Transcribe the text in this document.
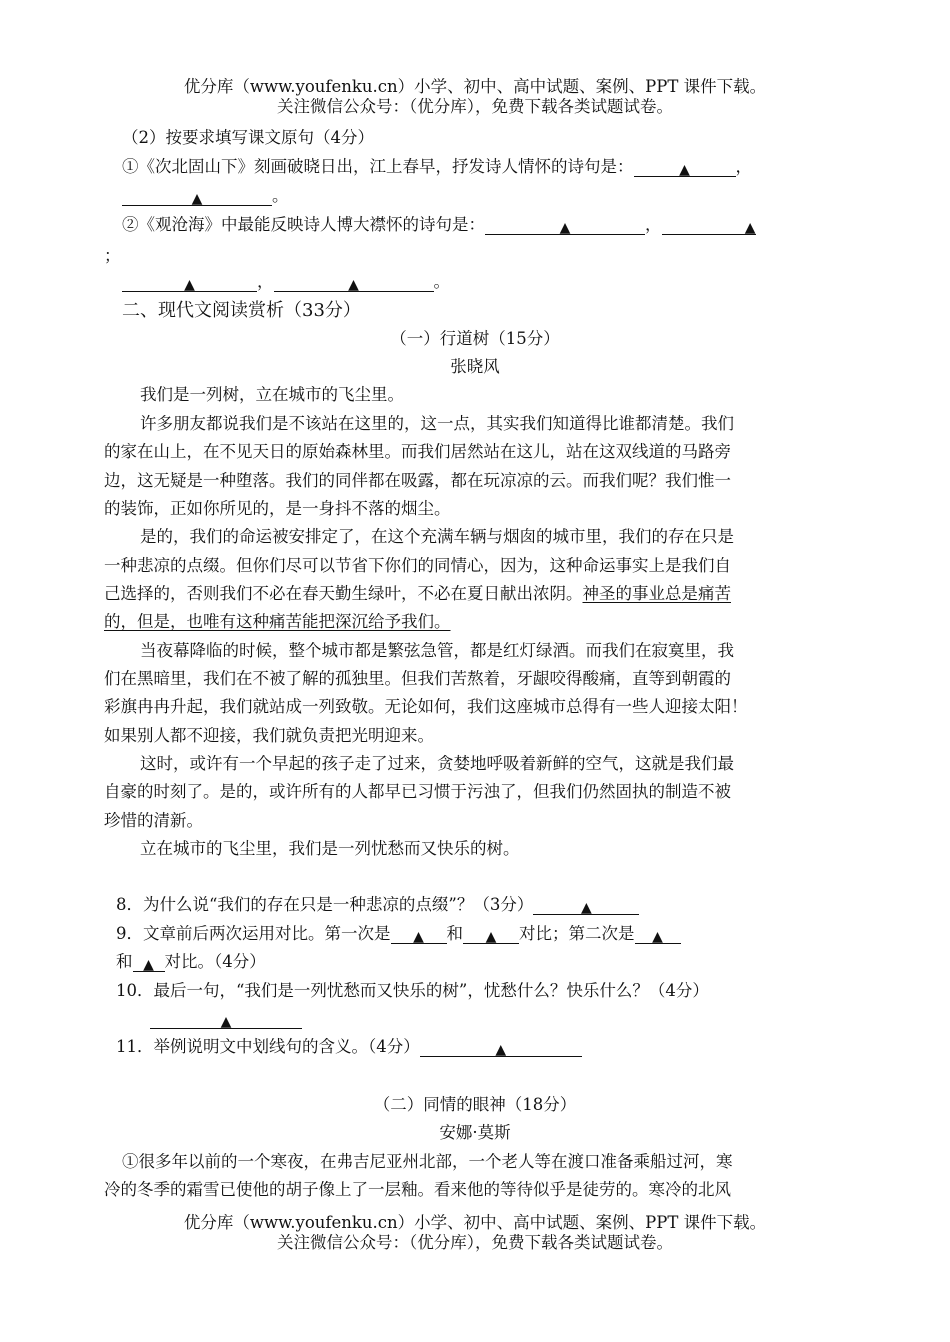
优分库（www.youfenku.cn）小学、初中、高中试题、案例、PPT 课件下载。
关注微信公众号：（优分库），免费下载各类试题试卷。
（2）按要求填写课文原句（4分）
①《次北固山下》刻画破晓日出，江上春早，抒发诗人情怀的诗句是：	▲	，
▲	。
②《观沧海》中最能反映诗人博大襟怀的诗句是：	▲	，	▲
；
▲	，	▲	。
二、现代文阅读赏析（33分）
（一）行道树（15分）
张晓风
我们是一列树，立在城市的飞尘里。
许多朋友都说我们是不该站在这里的，这一点，其实我们知道得比谁都清楚。我们
的家在山上，在不见天日的原始森林里。而我们居然站在这儿，站在这双线道的马路旁
边，这无疑是一种堕落。我们的同伴都在吸露，都在玩凉凉的云。而我们呢？我们惟一
的装饰，正如你所见的，是一身抖不落的烟尘。
是的，我们的命运被安排定了，在这个充满车辆与烟囱的城市里，我们的存在只是
一种悲凉的点缀。但你们尽可以节省下你们的同情心，因为，这种命运事实上是我们自
己选择的，否则我们不必在春天勤生绿叶，不必在夏日献出浓阴。神圣的事业总是痛苦
的，但是，也唯有这种痛苦能把深沉给予我们。
当夜幕降临的时候，整个城市都是繁弦急管，都是红灯绿酒。而我们在寂寞里，我
们在黑暗里，我们在不被了解的孤独里。但我们苦熬着，牙龈咬得酸痛，直等到朝霞的
彩旗冉冉升起，我们就站成一列致敬。无论如何，我们这座城市总得有一些人迎接太阳！
如果别人都不迎接，我们就负责把光明迎来。
这时，或许有一个早起的孩子走了过来，贪婪地呼吸着新鲜的空气，这就是我们最
自豪的时刻了。是的，或许所有的人都早已习惯于污浊了，但我们仍然固执的制造不被
珍惜的清新。
立在城市的飞尘里，我们是一列忧愁而又快乐的树。
8．为什么说“我们的存在只是一种悲凉的点缀”？（3分）	▲
9．文章前后两次运用对比。第一次是 ▲ 和 ▲ 对比；第二次是 ▲
和 ▲ 对比。（4分）
10．最后一句，“我们是一列忧愁而又快乐的树”，忧愁什么？快乐什么？（4分）
▲
11．举例说明文中划线句的含义。（4分）	▲
（二）同情的眼神（18分）
安娜·莫斯
①很多年以前的一个寒夜，在弗吉尼亚州北部，一个老人等在渡口准备乘船过河，寒
冷的冬季的霜雪已使他的胡子像上了一层釉。看来他的等待似乎是徒劳的。寒冷的北风
优分库（www.youfenku.cn）小学、初中、高中试题、案例、PPT 课件下载。
关注微信公众号：（优分库），免费下载各类试题试卷。
